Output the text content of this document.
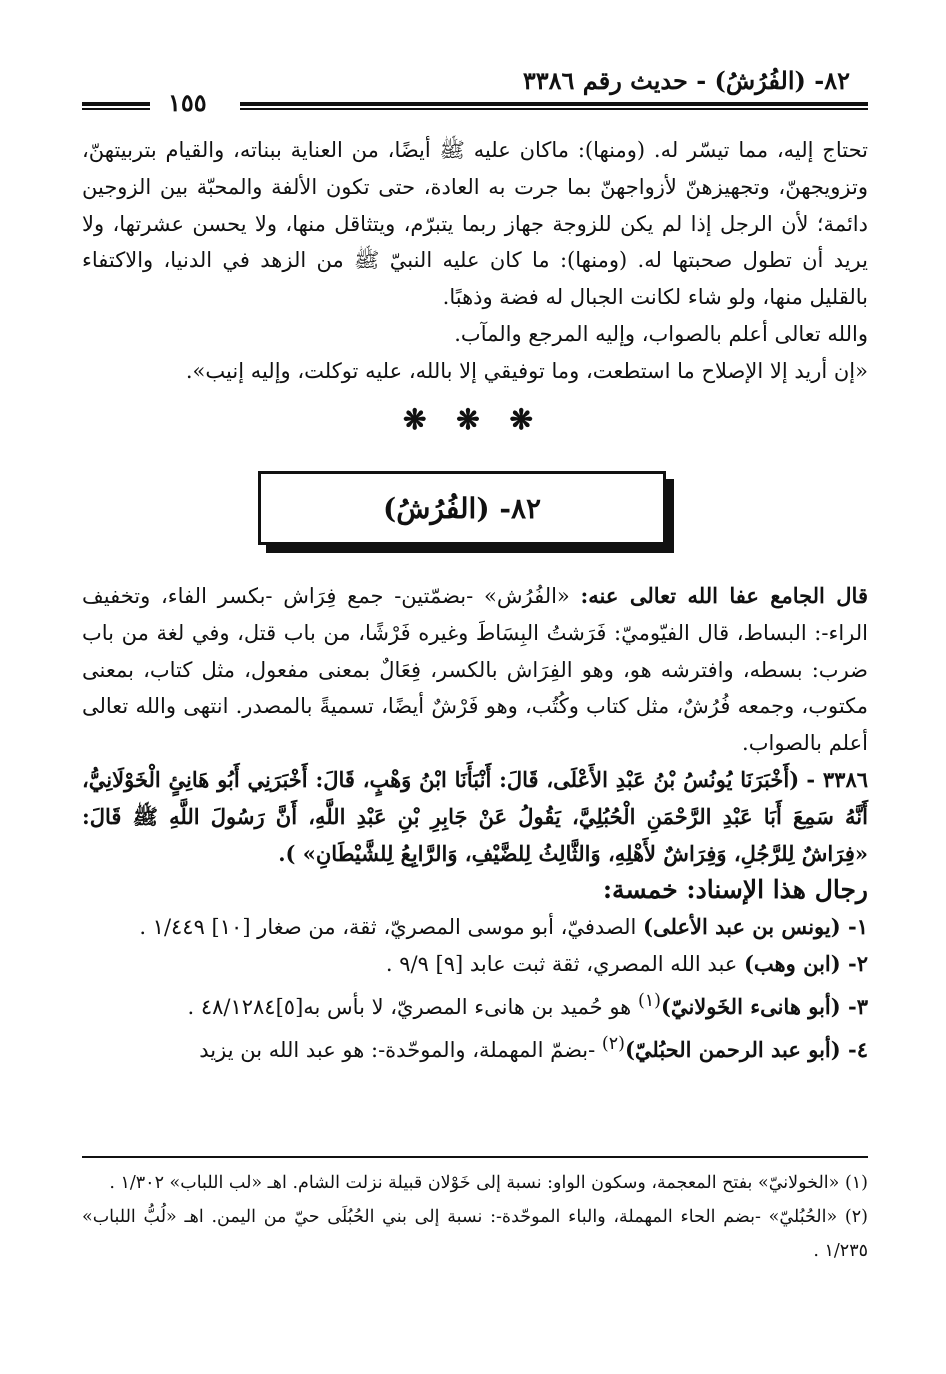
٨٢- (الفُرُشُ) - حديث رقم ٣٣٨٦
١٥٥

تحتاج إليه، مما تيسّر له. (ومنها): ماكان عليه ﷺ أيضًا، من العناية ببناته، والقيام بتربيتهنّ، وتزويجهنّ، وتجهيزهنّ لأزواجهنّ بما جرت به العادة، حتى تكون الألفة والمحبّة بين الزوجين دائمة؛ لأن الرجل إذا لم يكن للزوجة جهاز ربما يتبرّم، ويتثاقل منها، ولا يحسن عشرتها، ولا يريد أن تطول صحبتها له. (ومنها): ما كان عليه النبيّ ﷺ من الزهد في الدنيا، والاكتفاء بالقليل منها، ولو شاء لكانت الجبال له فضة وذهبًا.

والله تعالى أعلم بالصواب، وإليه المرجع والمآب.

«إن أريد إلا الإصلاح ما استطعت، وما توفيقي إلا بالله، عليه توكلت، وإليه إنيب».

❋ ❋ ❋
٨٢- (الفُرُشُ)

قال الجامع عفا الله تعالى عنه: «الفُرُش» -بضمّتين- جمع فِرَاش -بكسر الفاء، وتخفيف الراء-: البساط، قال الفيّوميّ: فَرَشتُ البِسَاطَ وغيره فَرْشًا، من باب قتل، وفي لغة من باب ضرب: بسطه، وافترشه هو، وهو الفِرَاش بالكسر، فِعَالٌ بمعنى مفعول، مثل كتاب، بمعنى مكتوب، وجمعه فُرُشٌ، مثل كتاب وكُتُب، وهو فَرْشٌ أيضًا، تسميةً بالمصدر. انتهى والله تعالى أعلم بالصواب.

٣٣٨٦ - (أَخْبَرَنَا يُونُسُ بْنُ عَبْدِ الأَعْلَى، قَالَ: أَنْبَأَنَا ابْنُ وَهْبٍ، قَالَ: أَخْبَرَنِي أَبُو هَانِئٍ الْخَوْلَانِيُّ، أَنَّهُ سَمِعَ أَبَا عَبْدِ الرَّحْمَنِ الْحُبُلِيَّ، يَقُولُ عَنْ جَابِرِ بْنِ عَبْدِ اللَّهِ، أَنَّ رَسُولَ اللَّهِ ﷺ قَالَ: «فِرَاشٌ لِلرَّجُلِ، وَفِرَاشٌ لأَهْلِهِ، وَالثَّالِثُ لِلضَّيْفِ، وَالرَّابِعُ لِلشَّيْطَانِ» ).

رجال هذا الإسناد: خمسة:

١- (يونس بن عبد الأعلى) الصدفيّ، أبو موسى المصريّ، ثقة، من صغار [١٠] ١/٤٤٩ .

٢- (ابن وهب) عبد الله المصري، ثقة ثبت عابد [٩] ٩/٩ .

٣- (أبو هانىء الخَولانيّ)$^{(١)}$ هو حُميد بن هانىء المصريّ، لا بأس به[٥]٤٨/١٢٨٤ .

٤- (أبو عبد الرحمن الحبُليّ)$^{(٢)}$ -بضمّ المهملة، والموحّدة-: هو عبد الله بن يزيد

(١) «الخولانيّ» بفتح المعجمة، وسكون الواو: نسبة إلى خَوْلان قبيلة نزلت الشام. اهـ «لب اللباب» ١/٣٠٢ .

(٢) «الحُبُليّ» -بضم الحاء المهملة، والباء الموحّدة-: نسبة إلى بني الحُبُلَى حيّ من اليمن. اهـ «لُبُّ اللباب» ١/٢٣٥ .
